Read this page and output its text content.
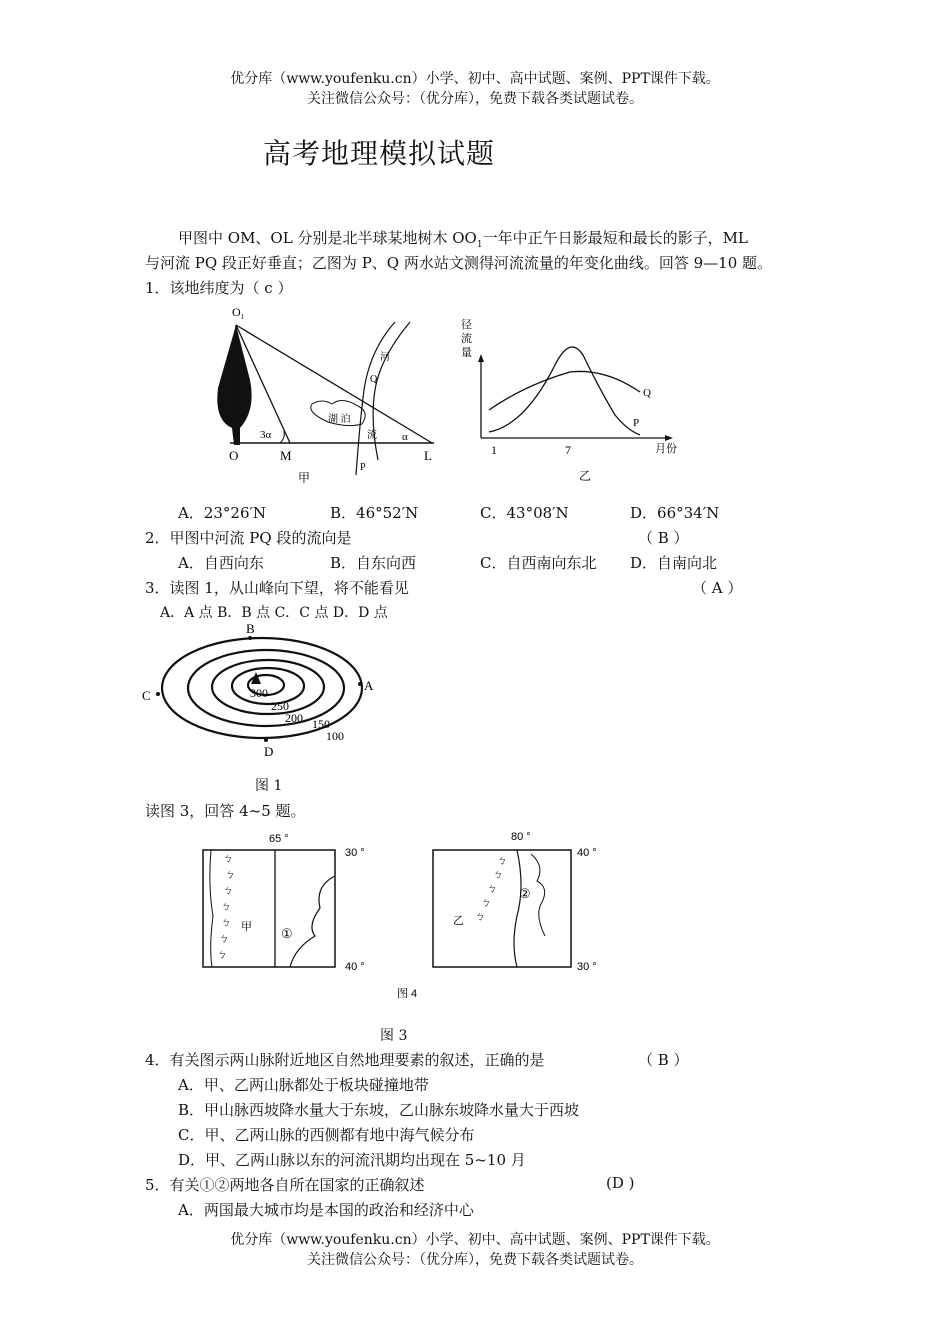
优分库（www.youfenku.cn）小学、初中、高中试题、案例、PPT课件下载。
关注微信公众号：（优分库），免费下载各类试题试卷。
高考地理模拟试题
甲图中 OM、OL 分别是北半球某地树木 $OO_1$一年中正午日影最短和最长的影子，ML
与河流 PQ 段正好垂直；乙图为 P、Q 两水站文测得河流流量的年变化曲线。回答 9—10 题。
1．该地纬度为（ c ）
$O_1$
3α	α
湖 泊
河
Q
流
P
O	M	L
甲
径
流
量
Q
P
1	7	月份
乙
A．23°26′N	B．46°52′N	C．43°08′N	D．66°34′N
2．甲图中河流 PQ 段的流向是	（ B ）
A．自西向东	B．自东向西	C．自西南向东北 D．自南向北
3．读图 1，从山峰向下望，将不能看见	（ A ）
A．A 点 B．B 点 C．C 点 D．D 点
B
C
A
D
300
250
200 150
100
图 1
读图 3，回答 4~5 题。
65 °
ㄅ
ㄅ
ㄅ
ㄅ
ㄅ
ㄅ
ㄅ
甲 ①
30 °
40 °
80 °
ㄅ
ㄅ
ㄅ
ㄅ
ㄅ
乙
②
40 °
30 °
图 4
图 3
4．有关图示两山脉附近地区自然地理要素的叙述，正确的是	（ B ）
A．甲、乙两山脉都处于板块碰撞地带
B．甲山脉西坡降水量大于东坡，乙山脉东坡降水量大于西坡
C．甲、乙两山脉的西侧都有地中海气候分布
D．甲、乙两山脉以东的河流汛期均出现在 5~10 月
5．有关①②两地各自所在国家的正确叙述	(D )
A．两国最大城市均是本国的政治和经济中心
优分库（www.youfenku.cn）小学、初中、高中试题、案例、PPT课件下载。
关注微信公众号：（优分库），免费下载各类试题试卷。
